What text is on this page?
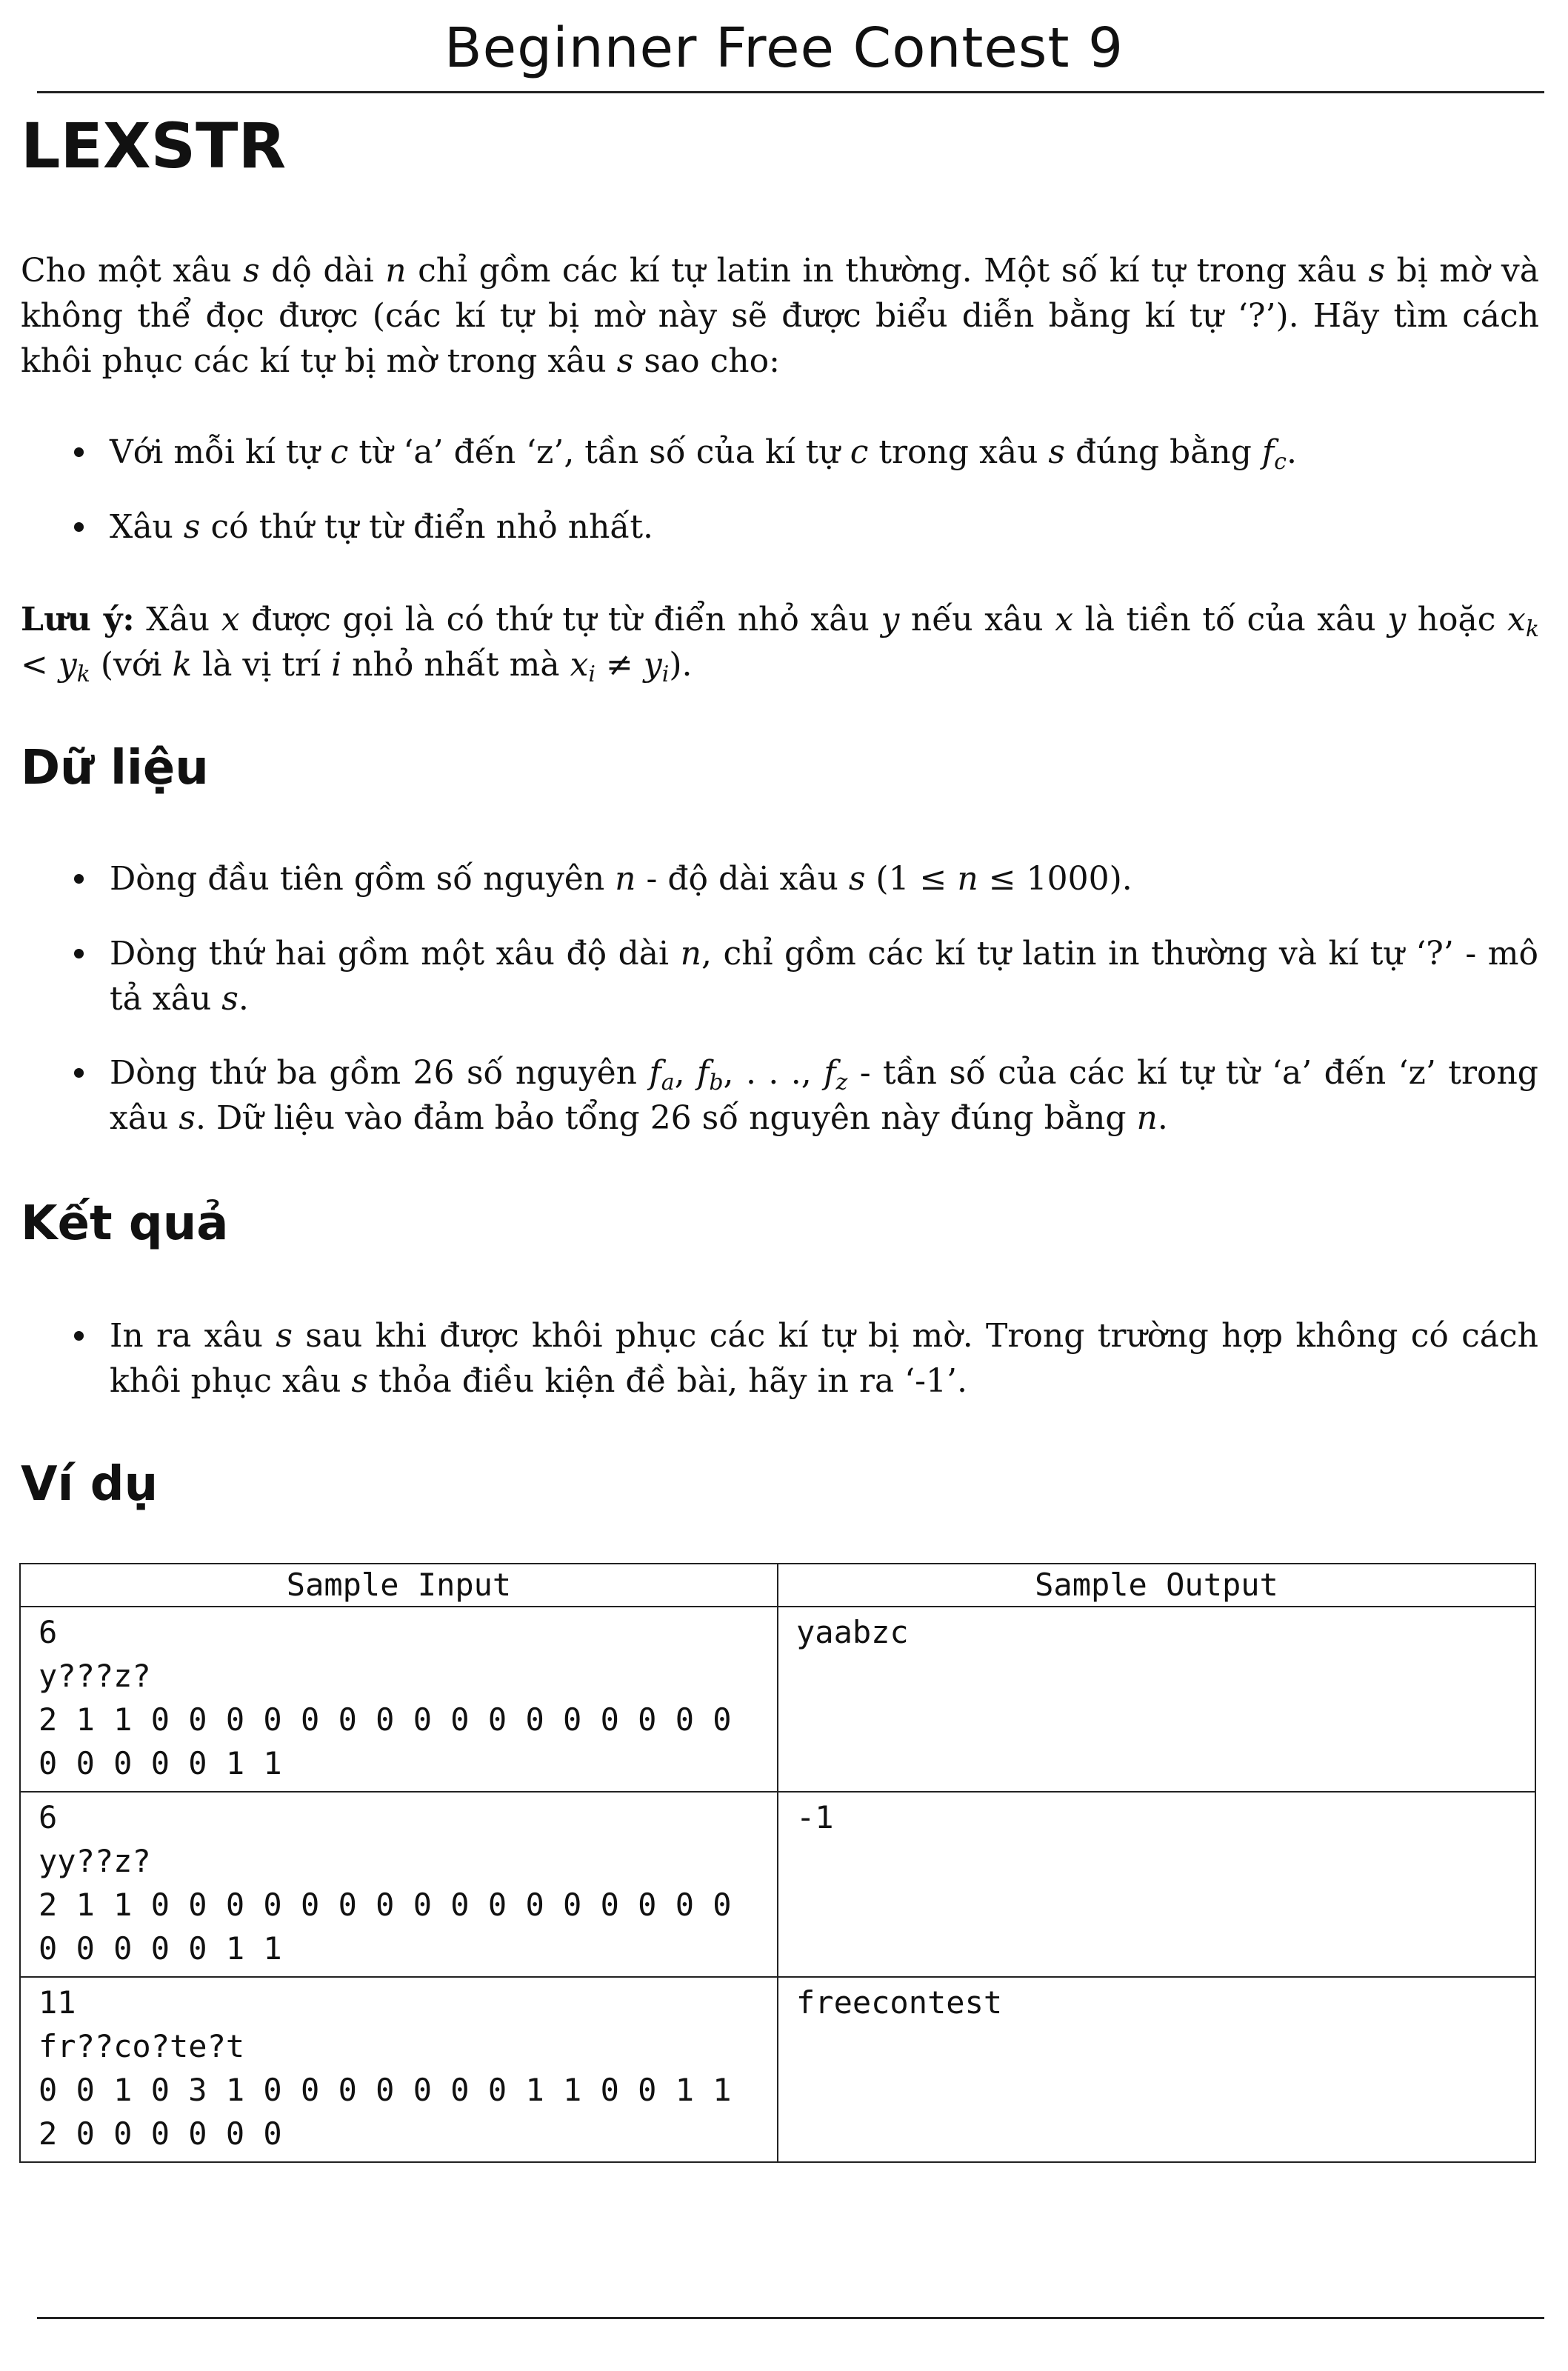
Beginner Free Contest 9
LEXSTR
Cho một xâu s dộ dài n chỉ gồm các kí tự latin in thường. Một số kí tự trong xâu s bị mờ và không thể đọc được (các kí tự bị mờ này sẽ được biểu diễn bằng kí tự ‘?’). Hãy tìm cách khôi phục các kí tự bị mờ trong xâu s sao cho:
Với mỗi kí tự c từ ‘a’ đến ‘z’, tần số của kí tự c trong xâu s đúng bằng $f_c$.
Xâu s có thứ tự từ điển nhỏ nhất.
Lưu ý: Xâu x được gọi là có thứ tự từ điển nhỏ xâu y nếu xâu x là tiền tố của xâu y hoặc $x_k < y_k$ (với k là vị trí i nhỏ nhất mà $x_i \ne y_i$).
Dữ liệu
Dòng đầu tiên gồm số nguyên n - độ dài xâu s (1 ≤ n ≤ 1000).
Dòng thứ hai gồm một xâu độ dài n, chỉ gồm các kí tự latin in thường và kí tự ‘?’ - mô tả xâu s.
Dòng thứ ba gồm 26 số nguyên $f_a$, $f_b$, . . ., $f_z$ - tần số của các kí tự từ ‘a’ đến ‘z’ trong xâu s. Dữ liệu vào đảm bảo tổng 26 số nguyên này đúng bằng n.
Kết quả
In ra xâu s sau khi được khôi phục các kí tự bị mờ. Trong trường hợp không có cách khôi phục xâu s thỏa điều kiện đề bài, hãy in ra ‘-1’.
Ví dụ
Sample Input	Sample Output

6
y???z?
2 1 1 0 0 0 0 0 0 0 0 0 0 0 0 0 0 0 0
0 0 0 0 0 1 1	yaabzc

6
yy??z?
2 1 1 0 0 0 0 0 0 0 0 0 0 0 0 0 0 0 0
0 0 0 0 0 1 1	-1

11
fr??co?te?t
0 0 1 0 3 1 0 0 0 0 0 0 0 1 1 0 0 1 1
2 0 0 0 0 0 0	freecontest
